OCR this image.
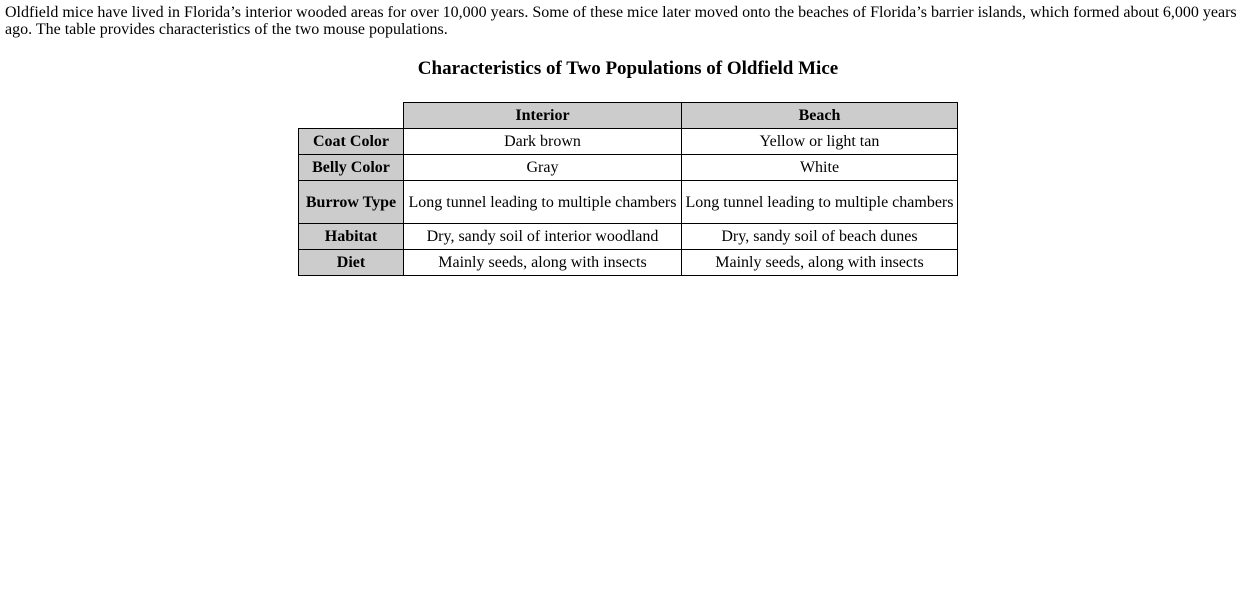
Oldfield mice have lived in Florida’s interior wooded areas for over 10,000 years. Some of these mice later moved onto the beaches of Florida’s barrier islands, which formed about 6,000 years ago. The table provides characteristics of the two mouse populations.

Characteristics of Two Populations of Oldfield Mice
	Interior	Beach
Coat Color	Dark brown	Yellow or light tan
Belly Color	Gray	White
Burrow Type	Long tunnel leading to multiple chambers	Long tunnel leading to multiple chambers
Habitat	Dry, sandy soil of interior woodland	Dry, sandy soil of beach dunes
Diet	Mainly seeds, along with insects	Mainly seeds, along with insects
